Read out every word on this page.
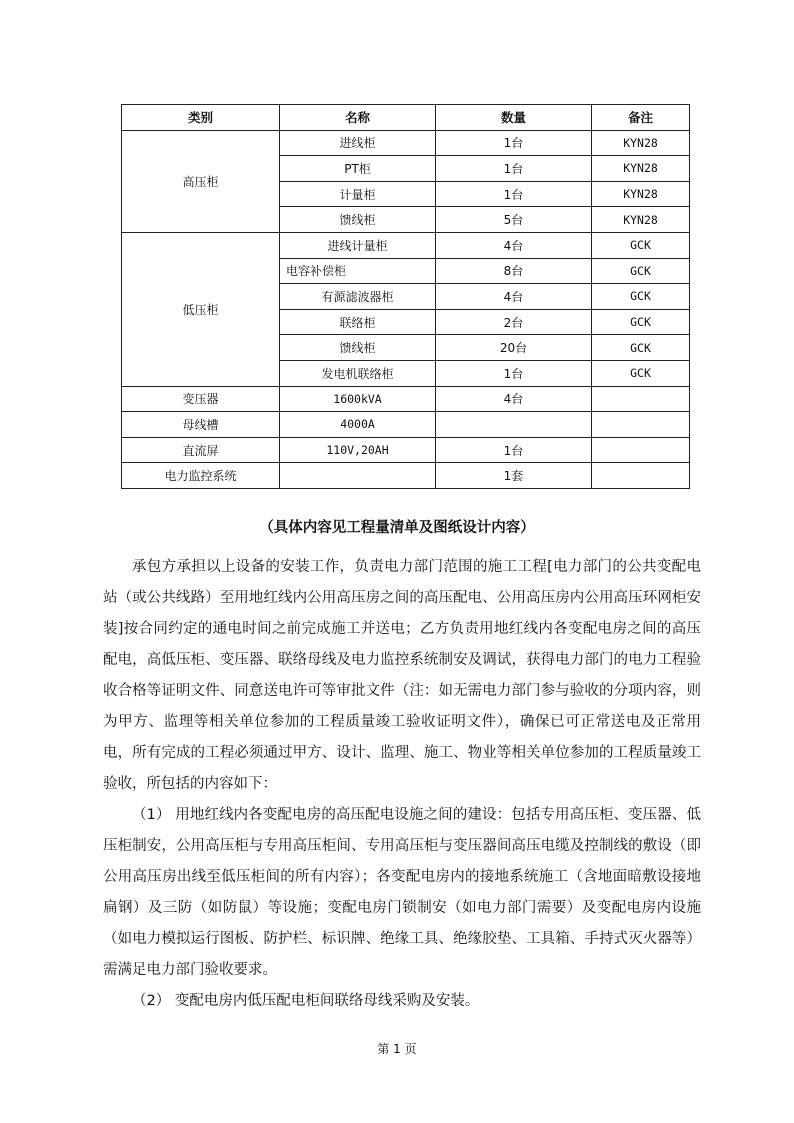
类别	名称	数量	备注
高压柜	进线柜	1台	KYN28
	PT柜	1台	KYN28
	计量柜	1台	KYN28
	馈线柜	5台	KYN28
低压柜	进线计量柜	4台	GCK
	电容补偿柜	8台	GCK
	有源滤波器柜	4台	GCK
	联络柜	2台	GCK
	馈线柜	20台	GCK
	发电机联络柜	1台	GCK
变压器	1600kVA	4台	
母线槽	4000A		
直流屏	110V,20AH	1台	
电力监控系统		1套	

（具体内容见工程量清单及图纸设计内容）

承包方承担以上设备的安装工作，负责电力部门范围的施工工程[电力部门的公共变配电站（或公共线路）至用地红线内公用高压房之间的高压配电、公用高压房内公用高压环网柜安装]按合同约定的通电时间之前完成施工并送电；乙方负责用地红线内各变配电房之间的高压配电，高低压柜、变压器、联络母线及电力监控系统制安及调试，获得电力部门的电力工程验收合格等证明文件、同意送电许可等审批文件（注：如无需电力部门参与验收的分项内容，则为甲方、监理等相关单位参加的工程质量竣工验收证明文件），确保已可正常送电及正常用电，所有完成的工程必须通过甲方、设计、监理、施工、物业等相关单位参加的工程质量竣工验收，所包括的内容如下：

（1） 用地红线内各变配电房的高压配电设施之间的建设：包括专用高压柜、变压器、低压柜制安，公用高压柜与专用高压柜间、专用高压柜与变压器间高压电缆及控制线的敷设（即公用高压房出线至低压柜间的所有内容）；各变配电房内的接地系统施工（含地面暗敷设接地扁钢）及三防（如防鼠）等设施；变配电房门锁制安（如电力部门需要）及变配电房内设施（如电力模拟运行图板、防护栏、标识牌、绝缘工具、绝缘胶垫、工具箱、手持式灭火器等）需满足电力部门验收要求。

（2） 变配电房内低压配电柜间联络母线采购及安装。

第 1 页
